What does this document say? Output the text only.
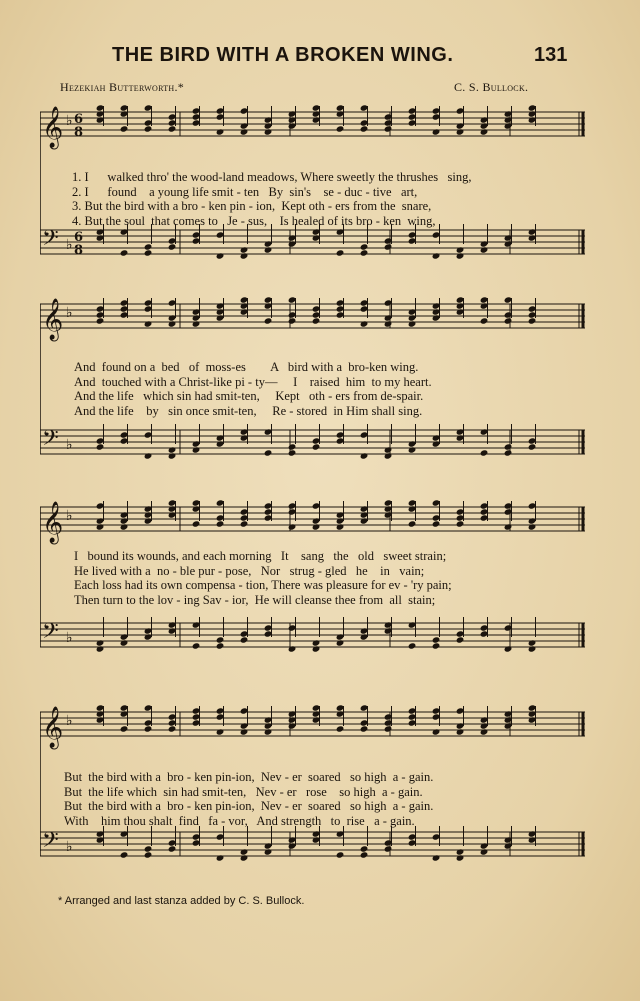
THE BIRD WITH A BROKEN WING.	131
Hezekiah Butterworth.*	C. S. Bullock.
𝄞 ♭ 6
8
𝄢 ♭ 6
8
1. I      walked thro' the wood-land meadows, Where sweetly the thrushes   sing,
2. I      found    a young life smit - ten   By  sin's    se - duc - tive   art,
3. But the bird with a bro - ken pin - ion,  Kept oth - ers from the  snare,
4. But the soul  that comes to   Je - sus,    Is healed of its bro - ken  wing,
𝄞 ♭
𝄢 ♭
And  found on a  bed   of  moss-es        A   bird with a  bro-ken wing.
And  touched with a Christ-like pi - ty—     I    raised  him  to my heart.
And the life   which sin had smit-ten,     Kept   oth - ers from de-spair.
And the life    by   sin once smit-ten,     Re - stored  in Him shall sing.
𝄞 ♭
𝄢 ♭
I   bound its wounds, and each morning   It    sang   the   old   sweet strain;
He lived with a  no - ble pur - pose,   Nor   strug - gled   he    in   vain;
Each loss had its own compensa - tion, There was pleasure for ev - 'ry pain;
Then turn to the lov - ing Sav - ior,  He will cleanse thee from  all  stain;
𝄞 ♭
𝄢 ♭
But  the bird with a  bro - ken pin-ion,  Nev - er  soared   so high  a - gain.
But  the life which  sin had smit-ten,   Nev - er   rose    so high  a - gain.
But  the bird with a  bro - ken pin-ion,  Nev - er  soared   so high  a - gain.
With    him thou shalt  find   fa - vor,   And strength   to  rise   a - gain.
* Arranged and last stanza added by C. S. Bullock.
